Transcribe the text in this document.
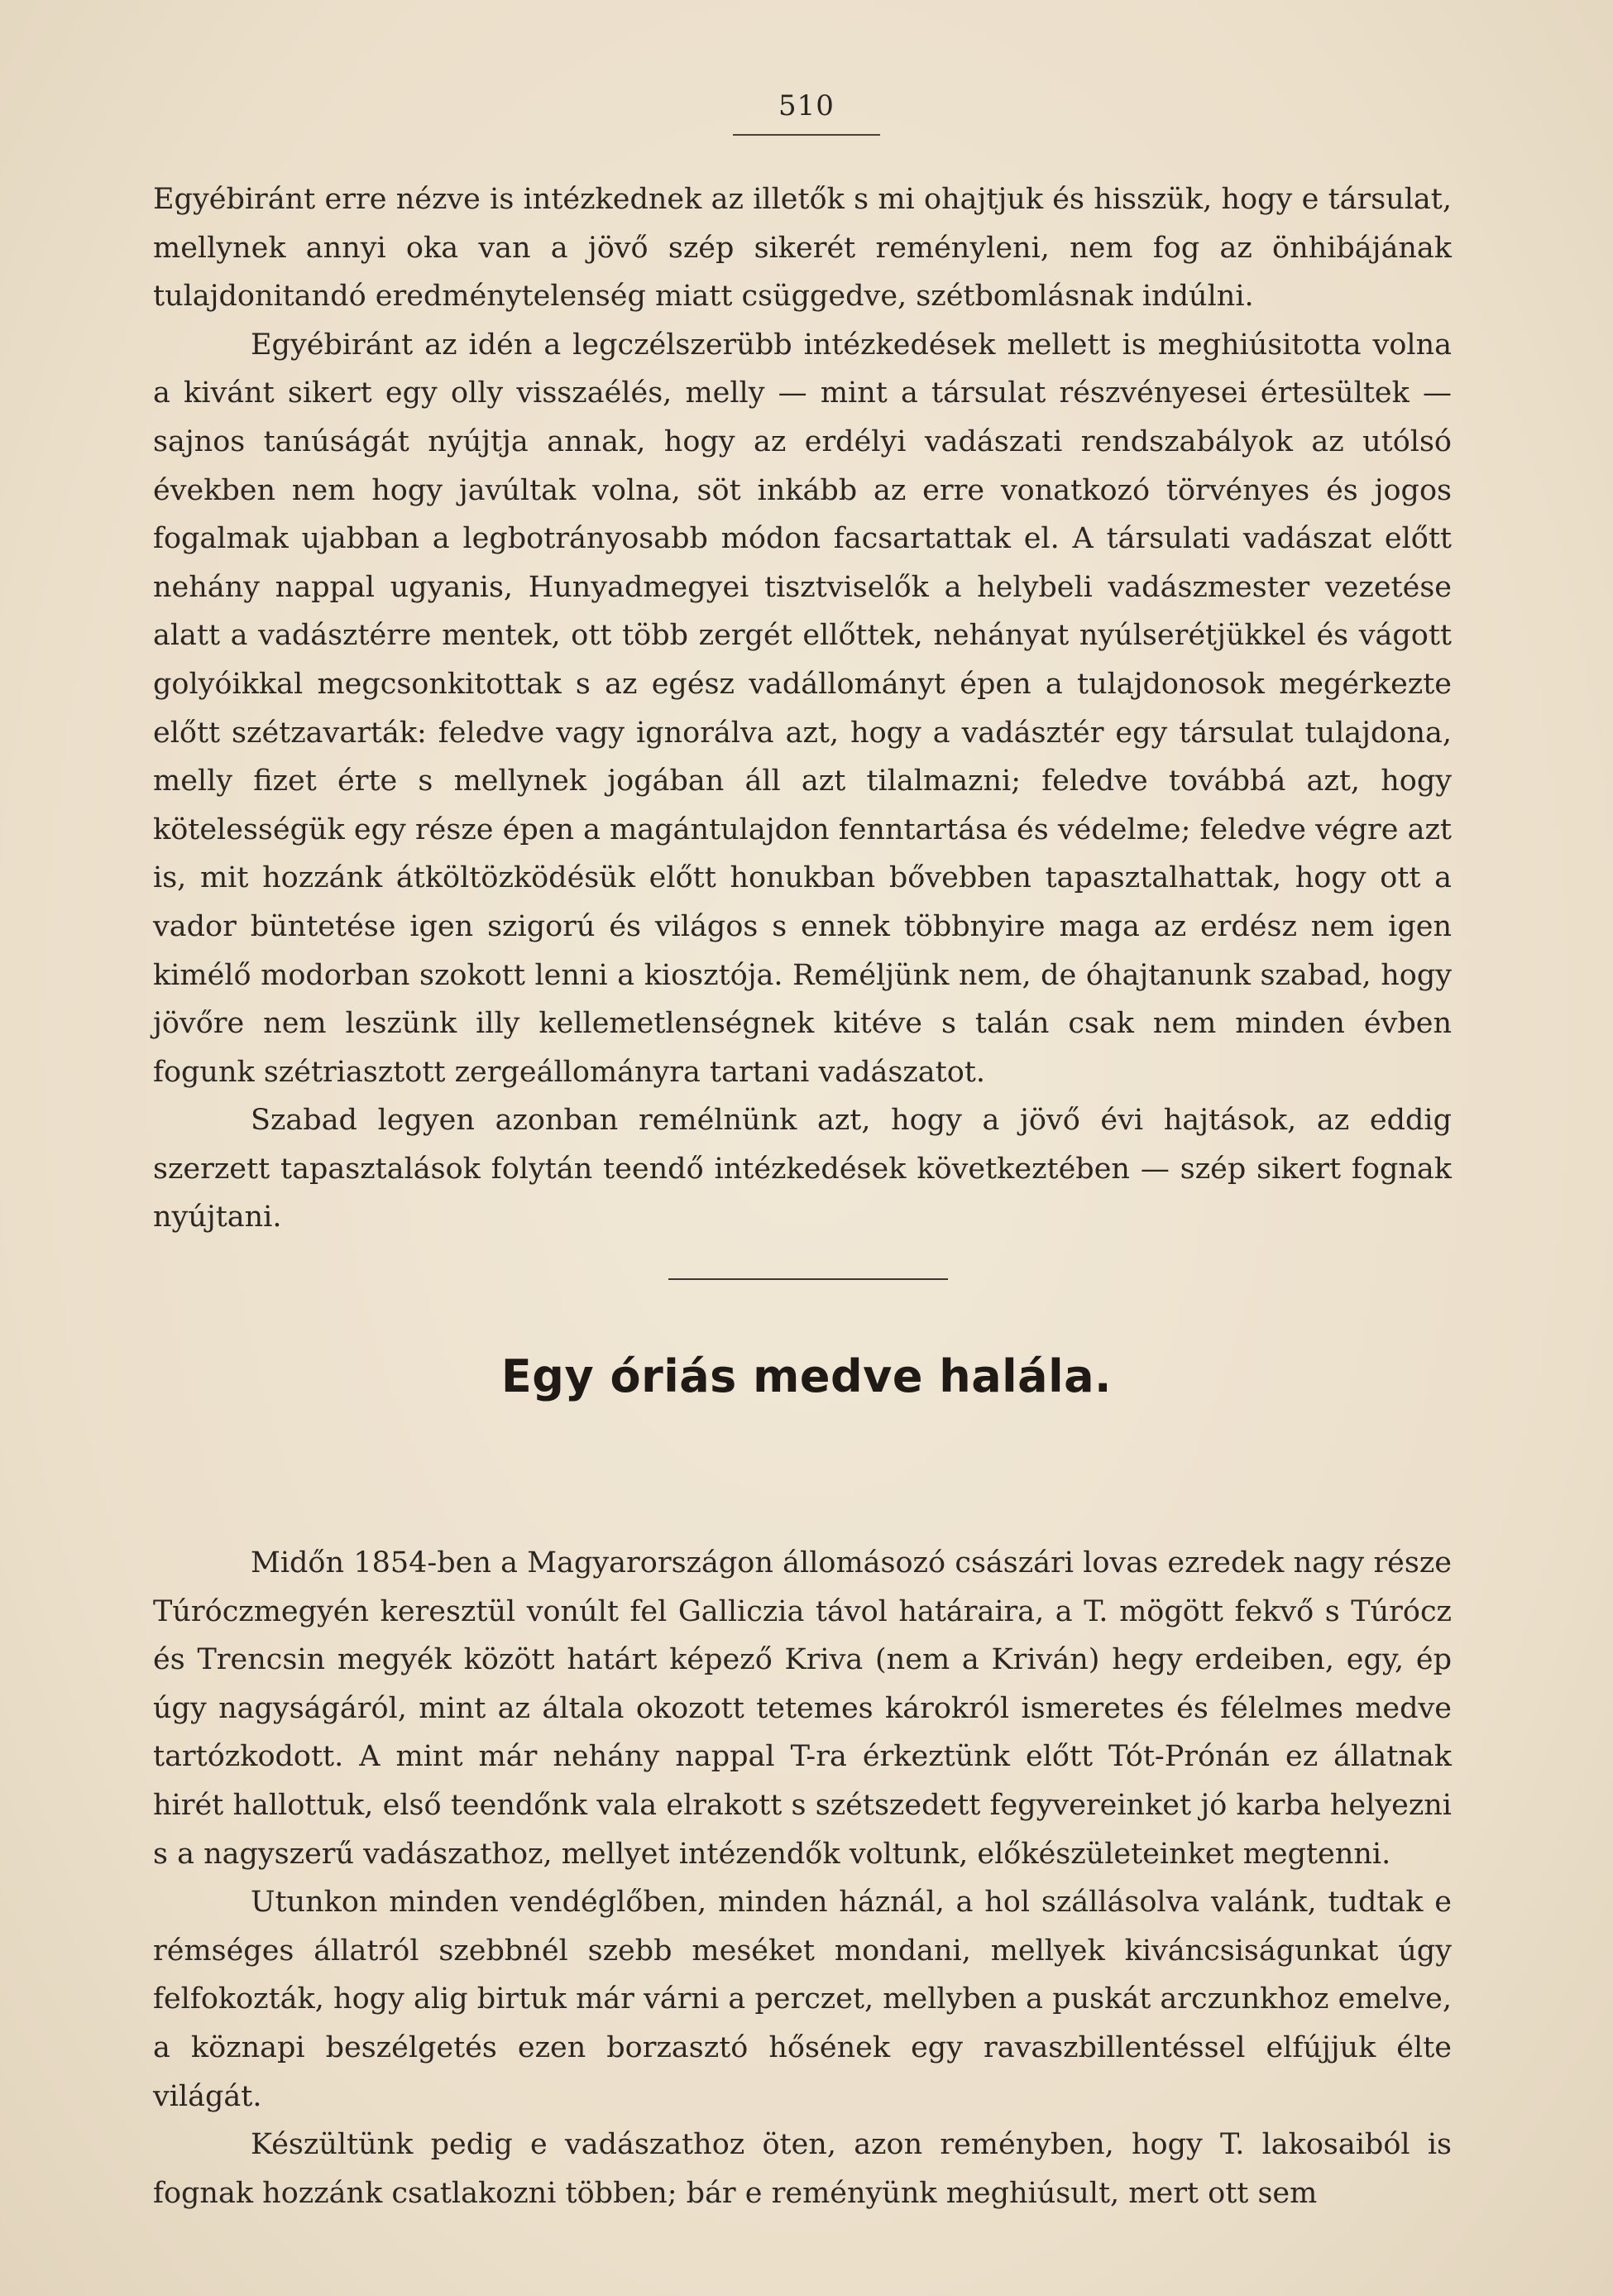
510

Egyébiránt erre nézve is intézkednek az illetők s mi ohajtjuk és hisszük, hogy e társulat, mellynek annyi oka van a jövő szép sikerét reményleni, nem fog az önhibájának tulajdonitandó eredménytelenség miatt csüggedve, szétbomlásnak indúlni.

Egyébiránt az idén a legczélszerübb intézkedések mellett is meghiúsitotta volna a kivánt sikert egy olly visszaélés, melly — mint a társulat részvényesei értesültek — sajnos tanúságát nyújtja annak, hogy az erdélyi vadászati rendszabályok az utólsó években nem hogy javúltak volna, söt inkább az erre vonatkozó törvényes és jogos fogalmak ujabban a legbotrányosabb módon facsartattak el. A társulati vadászat előtt nehány nappal ugyanis, Hunyadmegyei tisztviselők a helybeli vadászmester vezetése alatt a vadásztérre mentek, ott több zergét ellőttek, nehányat nyúlserétjükkel és vágott golyóikkal megcsonkitottak s az egész vadállományt épen a tulajdonosok megérkezte előtt szétzavarták: feledve vagy ignorálva azt, hogy a vadásztér egy társulat tulajdona, melly fizet érte s mellynek jogában áll azt tilalmazni; feledve továbbá azt, hogy kötelességük egy része épen a magántulajdon fenntartása és védelme; feledve végre azt is, mit hozzánk átköltözködésük előtt honukban bővebben tapasztalhattak, hogy ott a vador büntetése igen szigorú és világos s ennek többnyire maga az erdész nem igen kimélő modorban szokott lenni a kiosztója. Reméljünk nem, de óhajtanunk szabad, hogy jövőre nem leszünk illy kellemetlenségnek kitéve s talán csak nem minden évben fogunk szétriasztott zergeállományra tartani vadászatot.

Szabad legyen azonban remélnünk azt, hogy a jövő évi hajtások, az eddig szerzett tapasztalások folytán teendő intézkedések következtében — szép sikert fognak nyújtani.

Egy óriás medve halála.

Midőn 1854-ben a Magyarországon állomásozó császári lovas ezredek nagy része Túróczmegyén keresztül vonúlt fel Galliczia távol határaira, a T. mögött fekvő s Túrócz és Trencsin megyék között határt képező Kriva (nem a Kriván) hegy erdeiben, egy, ép úgy nagyságáról, mint az általa okozott tetemes károkról ismeretes és félelmes medve tartózkodott. A mint már nehány nappal T-ra érkeztünk előtt Tót-Prónán ez állatnak hirét hallottuk, első teendőnk vala elrakott s szétszedett fegyvereinket jó karba helyezni s a nagyszerű vadászathoz, mellyet intézendők voltunk, előkészületeinket megtenni.

Utunkon minden vendéglőben, minden háznál, a hol szállásolva valánk, tudtak e rémséges állatról szebbnél szebb meséket mondani, mellyek kiváncsiságunkat úgy felfokozták, hogy alig birtuk már várni a perczet, mellyben a puskát arczunkhoz emelve, a köznapi beszélgetés ezen borzasztó hősének egy ravaszbillentéssel elfújjuk élte világát.

Készültünk pedig e vadászathoz öten, azon reményben, hogy T. lakosaiból is fognak hozzánk csatlakozni többen; bár e reményünk meghiúsult, mert ott sem
